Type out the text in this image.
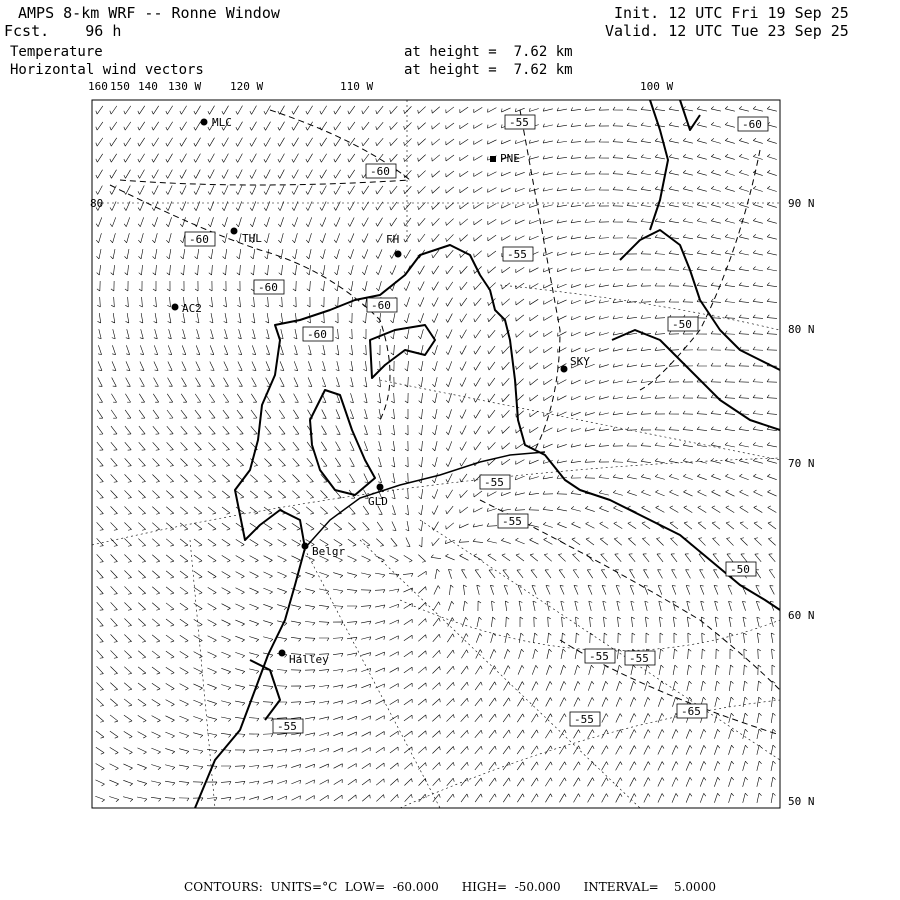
AMPS 8-km WRF -- Ronne Window
Fcst. 96 h
Init. 12 UTC Fri 19 Sep 25
Valid. 12 UTC Tue 23 Sep 25
Temperature
Horizontal wind vectors
at height =  7.62 km
at height =  7.62 km
160 150 140 130 W	120 W	110 W	100 W
90 N
80 N
70 N
60 N
50 N
80
MLC
PNE
THL	FH
AC2
SKY
GLD
Belgr
Halley
-55	-60
-60
-60
-55
-60
-60
-60
-50
-55
-55
-50
-55 -55
-65
-55
-55
CONTOURS: UNITS=°C LOW=  -60.000 HIGH=  -50.000 INTERVAL=    5.0000
